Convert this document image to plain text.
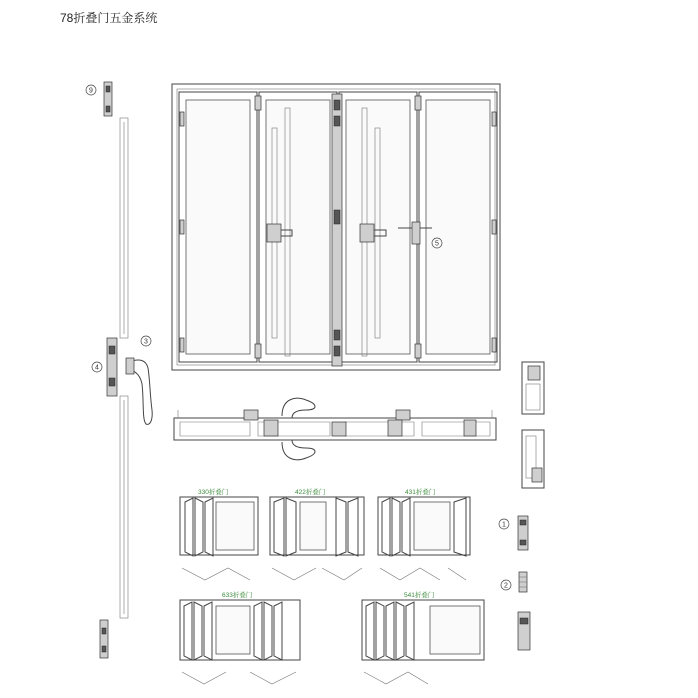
78折叠门五金系统
9
3
4
5
1
2
330折叠门	422折叠门	431折叠门
633折叠门	541折叠门
